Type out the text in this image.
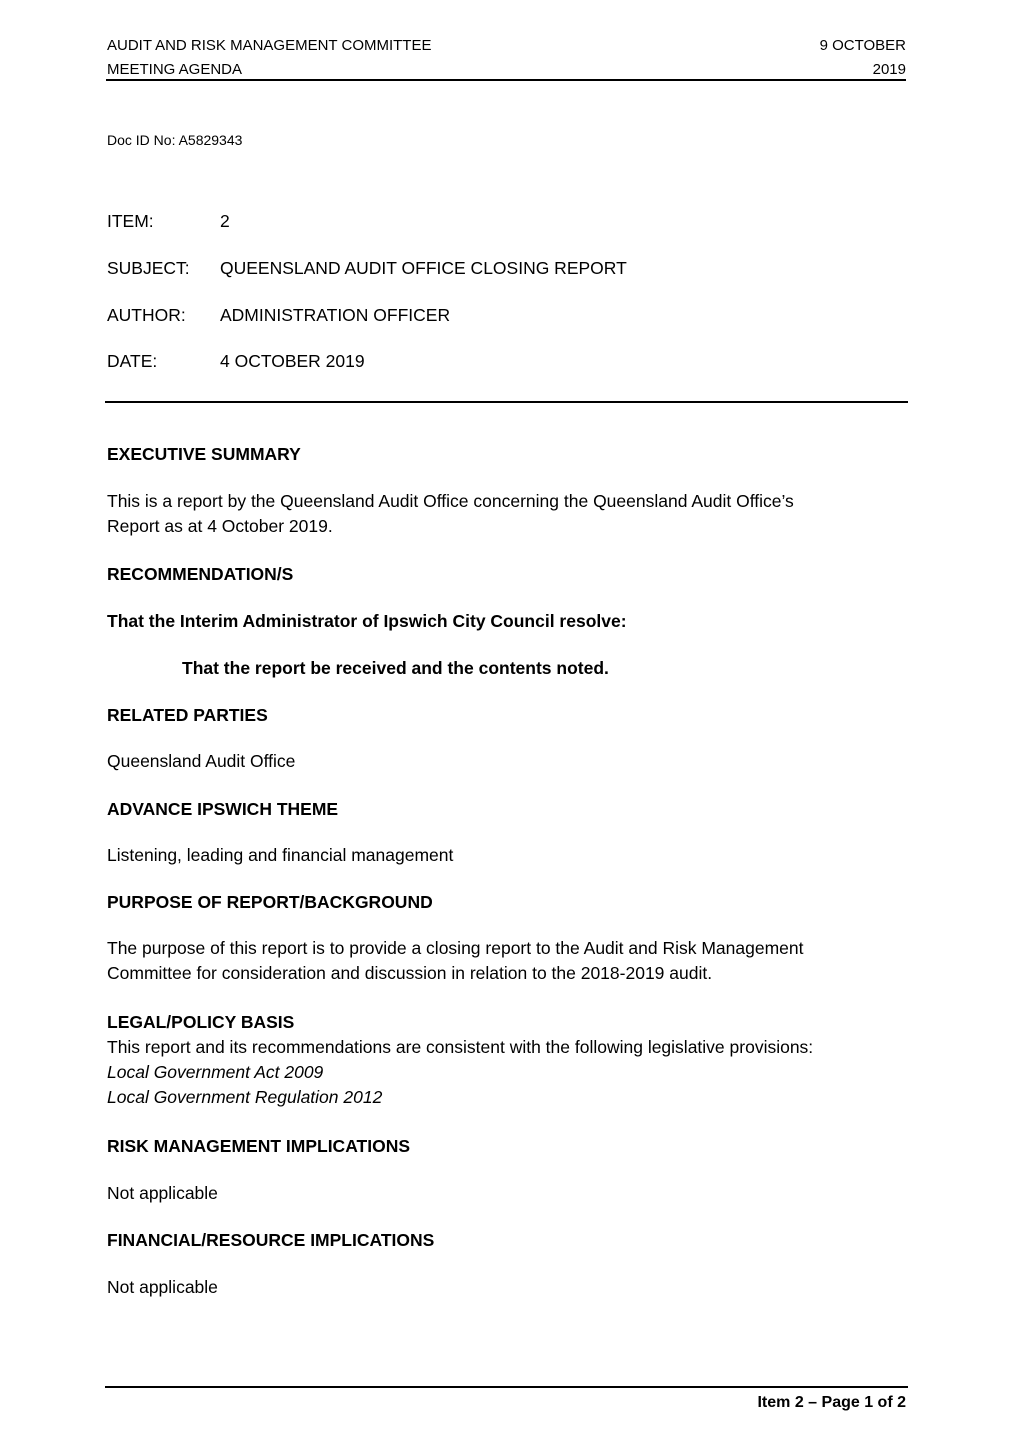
AUDIT AND RISK MANAGEMENT COMMITTEE
MEETING AGENDA
9 OCTOBER
2019
Doc ID No: A5829343
ITEM:	2
SUBJECT: QUEENSLAND AUDIT OFFICE CLOSING REPORT
AUTHOR: ADMINISTRATION OFFICER
DATE:	4 OCTOBER 2019
EXECUTIVE SUMMARY
This is a report by the Queensland Audit Office concerning the Queensland Audit Office’s
Report as at 4 October 2019.
RECOMMENDATION/S
That the Interim Administrator of Ipswich City Council resolve:
That the report be received and the contents noted.
RELATED PARTIES
Queensland Audit Office
ADVANCE IPSWICH THEME
Listening, leading and financial management
PURPOSE OF REPORT/BACKGROUND
The purpose of this report is to provide a closing report to the Audit and Risk Management
Committee for consideration and discussion in relation to the 2018-2019 audit.
LEGAL/POLICY BASIS
This report and its recommendations are consistent with the following legislative provisions:
Local Government Act 2009
Local Government Regulation 2012
RISK MANAGEMENT IMPLICATIONS
Not applicable
FINANCIAL/RESOURCE IMPLICATIONS
Not applicable
Item 2 – Page 1 of 2
